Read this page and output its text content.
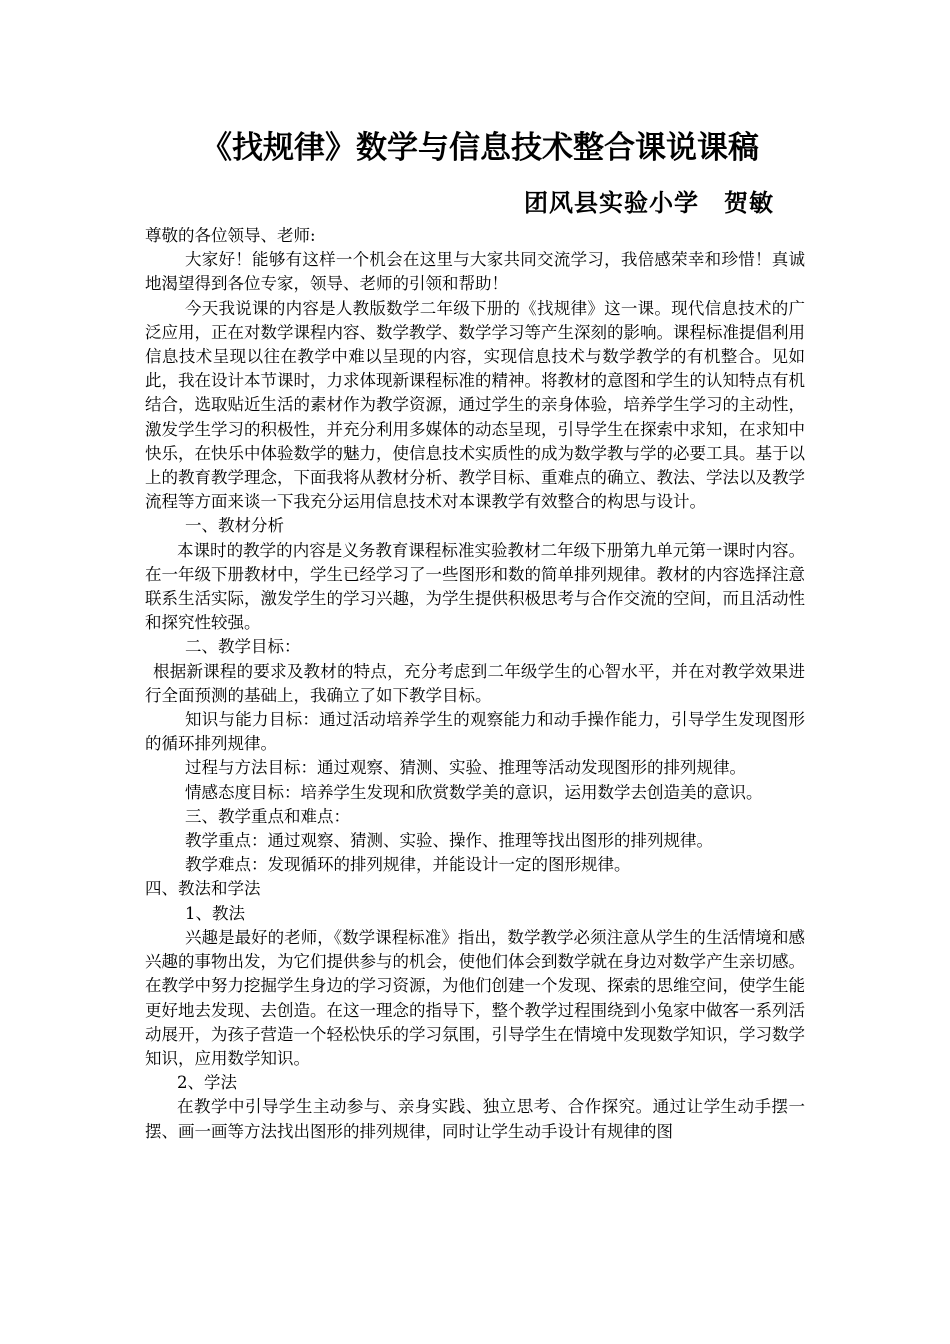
《找规律》数学与信息技术整合课说课稿
团风县实验小学　贺敏

尊敬的各位领导、老师:

大家好！能够有这样一个机会在这里与大家共同交流学习，我倍感荣幸和珍惜！真诚地渴望得到各位专家，领导、老师的引领和帮助！

今天我说课的内容是人教版数学二年级下册的《找规律》这一课。现代信息技术的广泛应用，正在对数学课程内容、数学教学、数学学习等产生深刻的影响。课程标准提倡利用信息技术呈现以往在教学中难以呈现的内容，实现信息技术与数学教学的有机整合。见如此，我在设计本节课时，力求体现新课程标准的精神。将教材的意图和学生的认知特点有机结合，选取贴近生活的素材作为教学资源，通过学生的亲身体验，培养学生学习的主动性，激发学生学习的积极性，并充分利用多媒体的动态呈现，引导学生在探索中求知，在求知中快乐，在快乐中体验数学的魅力，使信息技术实质性的成为数学教与学的必要工具。基于以上的教育教学理念，下面我将从教材分析、教学目标、重难点的确立、教法、学法以及教学流程等方面来谈一下我充分运用信息技术对本课教学有效整合的构思与设计。

一、教材分析

本课时的教学的内容是义务教育课程标准实验教材二年级下册第九单元第一课时内容。在一年级下册教材中，学生已经学习了一些图形和数的简单排列规律。教材的内容选择注意联系生活实际，激发学生的学习兴趣，为学生提供积极思考与合作交流的空间，而且活动性和探究性较强。

二、教学目标：

根据新课程的要求及教材的特点，充分考虑到二年级学生的心智水平，并在对教学效果进行全面预测的基础上，我确立了如下教学目标。

知识与能力目标：通过活动培养学生的观察能力和动手操作能力，引导学生发现图形的循环排列规律。

过程与方法目标：通过观察、猜测、实验、推理等活动发现图形的排列规律。

情感态度目标：培养学生发现和欣赏数学美的意识，运用数学去创造美的意识。

三、教学重点和难点：

教学重点：通过观察、猜测、实验、操作、推理等找出图形的排列规律。

教学难点：发现循环的排列规律，并能设计一定的图形规律。

四、教法和学法

1、教法

兴趣是最好的老师，《数学课程标准》指出，数学教学必须注意从学生的生活情境和感兴趣的事物出发，为它们提供参与的机会，使他们体会到数学就在身边对数学产生亲切感。在教学中努力挖掘学生身边的学习资源，为他们创建一个发现、探索的思维空间，使学生能更好地去发现、去创造。在这一理念的指导下，整个教学过程围绕到小兔家中做客一系列活动展开，为孩子营造一个轻松快乐的学习氛围，引导学生在情境中发现数学知识，学习数学知识，应用数学知识。

2、学法

在教学中引导学生主动参与、亲身实践、独立思考、合作探究。通过让学生动手摆一摆、画一画等方法找出图形的排列规律，同时让学生动手设计有规律的图
